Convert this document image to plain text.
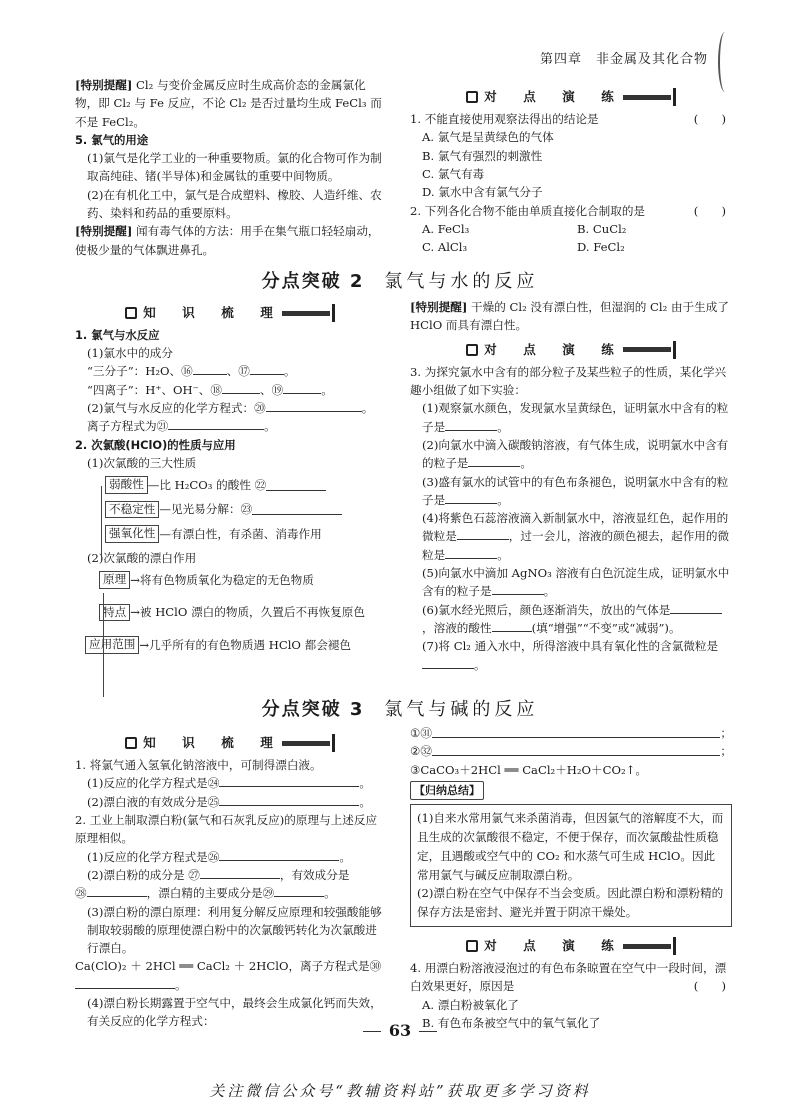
第四章　非金属及其化合物
[特别提醒] Cl₂ 与变价金属反应时生成高价态的金属氯化物，即 Cl₂ 与 Fe 反应，不论 Cl₂ 是否过量均生成 FeCl₃ 而不是 FeCl₂。
5. 氯气的用途
(1)氯气是化学工业的一种重要物质。氯的化合物可作为制取高纯硅、锗(半导体)和金属钛的重要中间物质。
(2)在有机化工中，氯气是合成塑料、橡胶、人造纤维、农药、染料和药品的重要原料。
[特别提醒] 闻有毒气体的方法：用手在集气瓶口轻轻扇动，使极少量的气体飘进鼻孔。
对　点　演　练
1. 不能直接使用观察法得出的结论是	(　　)
A. 氯气是呈黄绿色的气体
B. 氯气有强烈的刺激性
C. 氯气有毒
D. 氯水中含有氯气分子
2. 下列各化合物不能由单质直接化合制取的是	(　　)
A. FeCl₃	B. CuCl₂
C. AlCl₃	D. FeCl₂
分点突破 2 氯气与水的反应
知　识　梳　理
1. 氯气与水反应
(1)氯水中的成分
“三分子”：H₂O、⑯	、⑰	。
“四离子”：H⁺、OH⁻、⑱	、⑲	。
(2)氯气与水反应的化学方程式：⑳	。
离子方程式为㉑	。
2. 次氯酸(HClO)的性质与应用
(1)次氯酸的三大性质
弱酸性 —比 H₂CO₃ 的酸性 ㉒
不稳定性 —见光易分解：㉓
强氧化性 —有漂白性，有杀菌、消毒作用
(2)次氯酸的漂白作用
原理 →将有色物质氧化为稳定的无色物质
特点 →被 HClO 漂白的物质，久置后不再恢复原色
应用范围 →几乎所有的有色物质遇 HClO 都会褪色
[特别提醒] 干燥的 Cl₂ 没有漂白性，但湿润的 Cl₂ 由于生成了 HClO 而具有漂白性。
对　点　演　练
3. 为探究氯水中含有的部分粒子及某些粒子的性质，某化学兴趣小组做了如下实验：
(1)观察氯水颜色，发现氯水呈黄绿色，证明氯水中含有的粒子是	。
(2)向氯水中滴入碳酸钠溶液，有气体生成，说明氯水中含有的粒子是	。
(3)盛有氯水的试管中的有色布条褪色，说明氯水中含有的粒子是	。
(4)将紫色石蕊溶液滴入新制氯水中，溶液显红色，起作用的微粒是	，过一会儿，溶液的颜色褪去，起作用的微粒是	。
(5)向氯水中滴加 AgNO₃ 溶液有白色沉淀生成，证明氯水中含有的粒子是	。
(6)氯水经光照后，颜色逐渐消失，放出的气体是，溶液的酸性	(填“增强”“不变”或“减弱”)。
(7)将 Cl₂ 通入水中，所得溶液中具有氧化性的含氯微粒是。
分点突破 3 氯气与碱的反应
知　识　梳　理
1. 将氯气通入氢氧化钠溶液中，可制得漂白液。
(1)反应的化学方程式是㉔	。
(2)漂白液的有效成分是㉕	。
2. 工业上制取漂白粉(氯气和石灰乳反应)的原理与上述反应原理相似。
(1)反应的化学方程式是㉖	。
(2)漂白粉的成分是 ㉗	，有效成分是
㉘	，漂白精的主要成分是㉙	。
(3)漂白粉的漂白原理：利用复分解反应原理和较强酸能够制取较弱酸的原理使漂白粉中的次氯酸钙转化为次氯酸进行漂白。
Ca(ClO)₂ ＋ 2HCl ══ CaCl₂ ＋ 2HClO，离子方程式是㉚。
(4)漂白粉长期露置于空气中，最终会生成氯化钙而失效，有关反应的化学方程式：
①㉛	；
②㉜	；
③CaCO₃＋2HCl ══ CaCl₂＋H₂O＋CO₂↑。
【归纳总结】
(1)自来水常用氯气来杀菌消毒，但因氯气的溶解度不大，而且生成的次氯酸很不稳定，不便于保存，而次氯酸盐性质稳定，且遇酸或空气中的 CO₂ 和水蒸气可生成 HClO。因此常用氯气与碱反应制取漂白粉。
(2)漂白粉在空气中保存不当会变质。因此漂白粉和漂粉精的保存方法是密封、避光并置于阴凉干燥处。
对　点　演　练
4. 用漂白粉溶液浸泡过的有色布条晾置在空气中一段时间，漂白效果更好，原因是	(　　)
A. 漂白粉被氧化了
B. 有色布条被空气中的氧气氧化了
63
关注微信公众号“教辅资料站”获取更多学习资料
